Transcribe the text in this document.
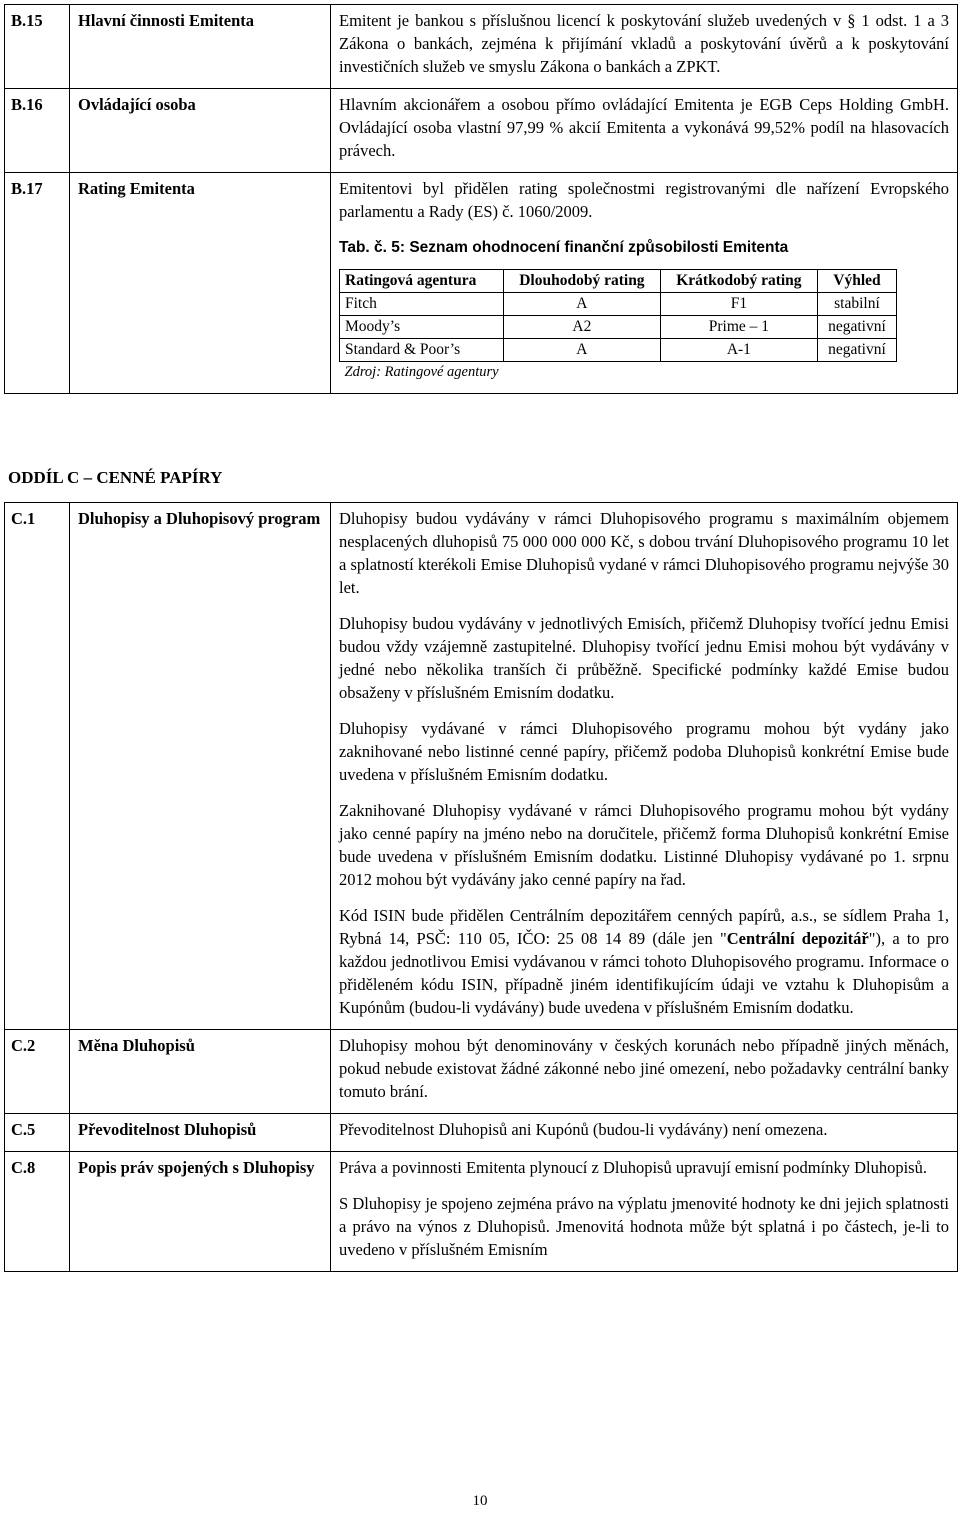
B.15	Hlavní činnosti Emitenta	Emitent je bankou s příslušnou licencí k poskytování služeb uvedených v § 1 odst. 1 a 3 Zákona o bankách, zejména k přijímání vkladů a poskytování úvěrů a k poskytování investičních služeb ve smyslu Zákona o bankách a ZPKT.

B.16	Ovládající osoba	Hlavním akcionářem a osobou přímo ovládající Emitenta je EGB Ceps Holding GmbH. Ovládající osoba vlastní 97,99 % akcií Emitenta a vykonává 99,52% podíl na hlasovacích právech.

B.17	Rating Emitenta	Emitentovi byl přidělen rating společnostmi registrovanými dle nařízení Evropského parlamentu a Rady (ES) č. 1060/2009.

Tab. č. 5: Seznam ohodnocení finanční způsobilosti Emitenta
Ratingová agentura	Dlouhodobý rating	Krátkodobý rating	Výhled
Fitch	A	F1	stabilní
Moody’s	A2	Prime – 1	negativní
Standard & Poor’s	A	A-1	negativní
Zdroj: Ratingové agentury
ODDÍL C – CENNÉ PAPÍRY
C.1	Dluhopisy a Dluhopisový program	Dluhopisy budou vydávány v rámci Dluhopisového programu s maximálním objemem nesplacených dluhopisů 75 000 000 000 Kč, s dobou trvání Dluhopisového programu 10 let a splatností kterékoli Emise Dluhopisů vydané v rámci Dluhopisového programu nejvýše 30 let.

Dluhopisy budou vydávány v jednotlivých Emisích, přičemž Dluhopisy tvořící jednu Emisi budou vždy vzájemně zastupitelné. Dluhopisy tvořící jednu Emisi mohou být vydávány v jedné nebo několika tranších či průběžně. Specifické podmínky každé Emise budou obsaženy v příslušném Emisním dodatku.

Dluhopisy vydávané v rámci Dluhopisového programu mohou být vydány jako zaknihované nebo listinné cenné papíry, přičemž podoba Dluhopisů konkrétní Emise bude uvedena v příslušném Emisním dodatku.

Zaknihované Dluhopisy vydávané v rámci Dluhopisového programu mohou být vydány jako cenné papíry na jméno nebo na doručitele, přičemž forma Dluhopisů konkrétní Emise bude uvedena v příslušném Emisním dodatku. Listinné Dluhopisy vydávané po 1. srpnu 2012 mohou být vydávány jako cenné papíry na řad.

Kód ISIN bude přidělen Centrálním depozitářem cenných papírů, a.s., se sídlem Praha 1, Rybná 14, PSČ: 110 05, IČO: 25 08 14 89 (dále jen "Centrální depozitář"), a to pro každou jednotlivou Emisi vydávanou v rámci tohoto Dluhopisového programu. Informace o přiděleném kódu ISIN, případně jiném identifikujícím údaji ve vztahu k Dluhopisům a Kupónům (budou-li vydávány) bude uvedena v příslušném Emisním dodatku.

C.2	Měna Dluhopisů	Dluhopisy mohou být denominovány v českých korunách nebo případně jiných měnách, pokud nebude existovat žádné zákonné nebo jiné omezení, nebo požadavky centrální banky tomuto brání.

C.5	Převoditelnost Dluhopisů	Převoditelnost Dluhopisů ani Kupónů (budou-li vydávány) není omezena.

C.8	Popis práv spojených s Dluhopisy	Práva a povinnosti Emitenta plynoucí z Dluhopisů upravují emisní podmínky Dluhopisů.

S Dluhopisy je spojeno zejména právo na výplatu jmenovité hodnoty ke dni jejich splatnosti a právo na výnos z Dluhopisů. Jmenovitá hodnota může být splatná i po částech, je-li to uvedeno v příslušném Emisním

10
